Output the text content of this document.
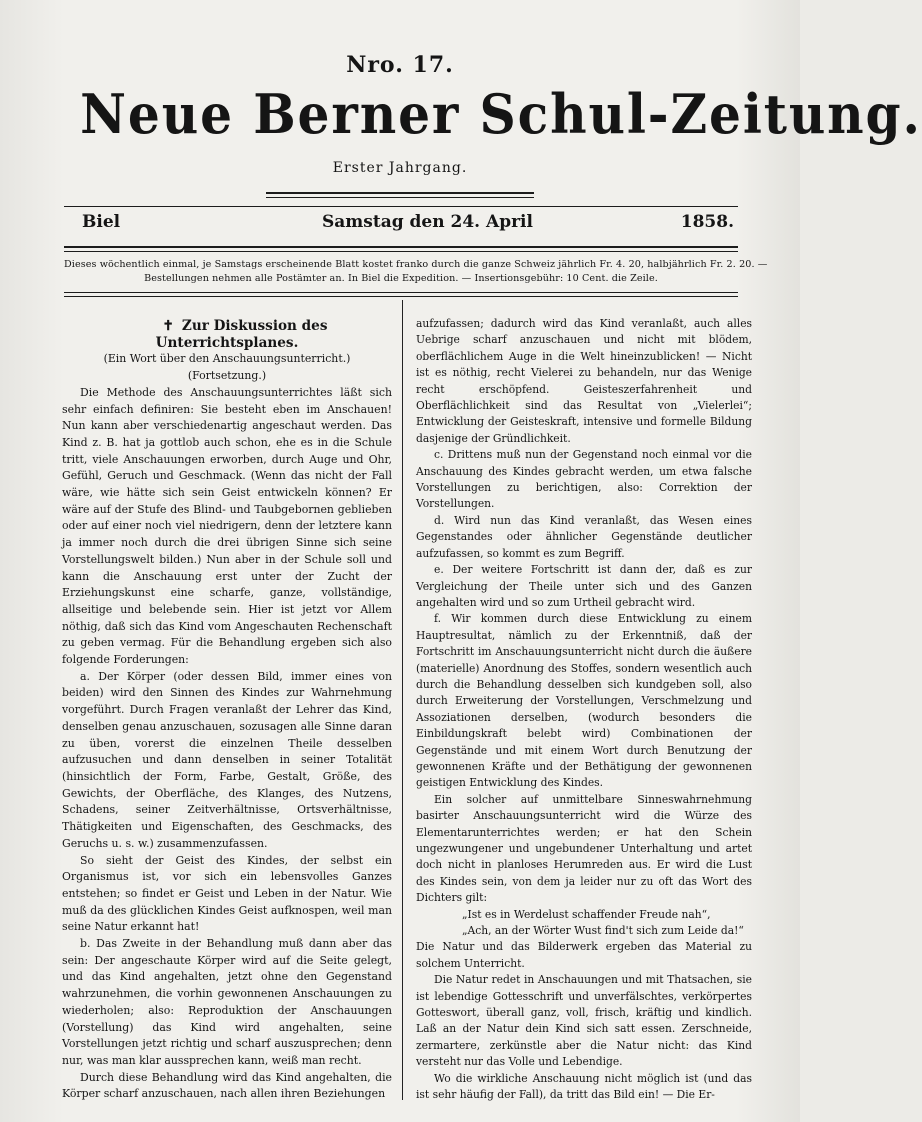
Nro. 17.
Neue Berner Schul-Zeitung.
Erster Jahrgang.
Biel	Samstag den 24. April	1858.
Dieses wöchentlich einmal, je Samstags erscheinende Blatt kostet franko durch die ganze Schweiz jährlich Fr. 4. 20, halbjährlich Fr. 2. 20. —
Bestellungen nehmen alle Postämter an. In Biel die Expedition. — Insertionsgebühr: 10 Cent. die Zeile.

✝ Zur Diskussion des Unterrichtsplanes.

(Ein Wort über den Anschauungsunterricht.)

(Fortsetzung.)

Die Methode des Anschauungsunterrichtes läßt sich sehr einfach definiren: Sie besteht eben im Anschauen! Nun kann aber verschiedenartig angeschaut werden. Das Kind z. B. hat ja gottlob auch schon, ehe es in die Schule tritt, viele Anschauungen erworben, durch Auge und Ohr, Gefühl, Geruch und Geschmack. (Wenn das nicht der Fall wäre, wie hätte sich sein Geist entwickeln können? Er wäre auf der Stufe des Blind- und Taubgebornen geblieben oder auf einer noch viel niedrigern, denn der letztere kann ja immer noch durch die drei übrigen Sinne sich seine Vorstellungswelt bilden.) Nun aber in der Schule soll und kann die Anschauung erst unter der Zucht der Erziehungskunst eine scharfe, ganze, vollständige, allseitige und belebende sein. Hier ist jetzt vor Allem nöthig, daß sich das Kind vom Angeschauten Rechenschaft zu geben vermag. Für die Behandlung ergeben sich also folgende Forderungen:

a. Der Körper (oder dessen Bild, immer eines von beiden) wird den Sinnen des Kindes zur Wahrnehmung vorgeführt. Durch Fragen veranlaßt der Lehrer das Kind, denselben genau anzuschauen, sozusagen alle Sinne daran zu üben, vorerst die einzelnen Theile desselben aufzusuchen und dann denselben in seiner Totalität (hinsichtlich der Form, Farbe, Gestalt, Größe, des Gewichts, der Oberfläche, des Klanges, des Nutzens, Schadens, seiner Zeitverhältnisse, Ortsverhältnisse, Thätigkeiten und Eigenschaften, des Geschmacks, des Geruchs u. s. w.) zusammenzufassen.

So sieht der Geist des Kindes, der selbst ein Organismus ist, vor sich ein lebensvolles Ganzes entstehen; so findet er Geist und Leben in der Natur. Wie muß da des glücklichen Kindes Geist aufknospen, weil man seine Natur erkannt hat!

b. Das Zweite in der Behandlung muß dann aber das sein: Der angeschaute Körper wird auf die Seite gelegt, und das Kind angehalten, jetzt ohne den Gegenstand wahrzunehmen, die vorhin gewonnenen Anschauungen zu wiederholen; also: Reproduktion der Anschauungen (Vorstellung) das Kind wird angehalten, seine Vorstellungen jetzt richtig und scharf auszusprechen; denn nur, was man klar aussprechen kann, weiß man recht.

Durch diese Behandlung wird das Kind angehalten, die Körper scharf anzuschauen, nach allen ihren Beziehungen

aufzufassen; dadurch wird das Kind veranlaßt, auch alles Uebrige scharf anzuschauen und nicht mit blödem, oberflächlichem Auge in die Welt hineinzublicken! — Nicht ist es nöthig, recht Vielerei zu behandeln, nur das Wenige recht erschöpfend. Geisteszerfahrenheit und Oberflächlichkeit sind das Resultat von „Vielerlei“; Entwicklung der Geisteskraft, intensive und formelle Bildung dasjenige der Gründlichkeit.

c. Drittens muß nun der Gegenstand noch einmal vor die Anschauung des Kindes gebracht werden, um etwa falsche Vorstellungen zu berichtigen, also: Correktion der Vorstellungen.

d. Wird nun das Kind veranlaßt, das Wesen eines Gegenstandes oder ähnlicher Gegenstände deutlicher aufzufassen, so kommt es zum Begriff.

e. Der weitere Fortschritt ist dann der, daß es zur Vergleichung der Theile unter sich und des Ganzen angehalten wird und so zum Urtheil gebracht wird.

f. Wir kommen durch diese Entwicklung zu einem Hauptresultat, nämlich zu der Erkenntniß, daß der Fortschritt im Anschauungsunterricht nicht durch die äußere (materielle) Anordnung des Stoffes, sondern wesentlich auch durch die Behandlung desselben sich kundgeben soll, also durch Erweiterung der Vorstellungen, Verschmelzung und Assoziationen derselben, (wodurch besonders die Einbildungskraft belebt wird) Combinationen der Gegenstände und mit einem Wort durch Benutzung der gewonnenen Kräfte und der Bethätigung der gewonnenen geistigen Entwicklung des Kindes.

Ein solcher auf unmittelbare Sinneswahrnehmung basirter Anschauungsunterricht wird die Würze des Elementarunterrichtes werden; er hat den Schein ungezwungener und ungebundener Unterhaltung und artet doch nicht in planloses Herumreden aus. Er wird die Lust des Kindes sein, von dem ja leider nur zu oft das Wort des Dichters gilt:

„Ist es in Werdelust schaffender Freude nah“,

„Ach, an der Wörter Wust find't sich zum Leide da!“

Die Natur und das Bilderwerk ergeben das Material zu solchem Unterricht.

Die Natur redet in Anschauungen und mit Thatsachen, sie ist lebendige Gottesschrift und unverfälschtes, verkörpertes Gotteswort, überall ganz, voll, frisch, kräftig und kindlich. Laß an der Natur dein Kind sich satt essen. Zerschneide, zermartere, zerkünstle aber die Natur nicht: das Kind versteht nur das Volle und Lebendige.

Wo die wirkliche Anschauung nicht möglich ist (und das ist sehr häufig der Fall), da tritt das Bild ein! — Die Er-
